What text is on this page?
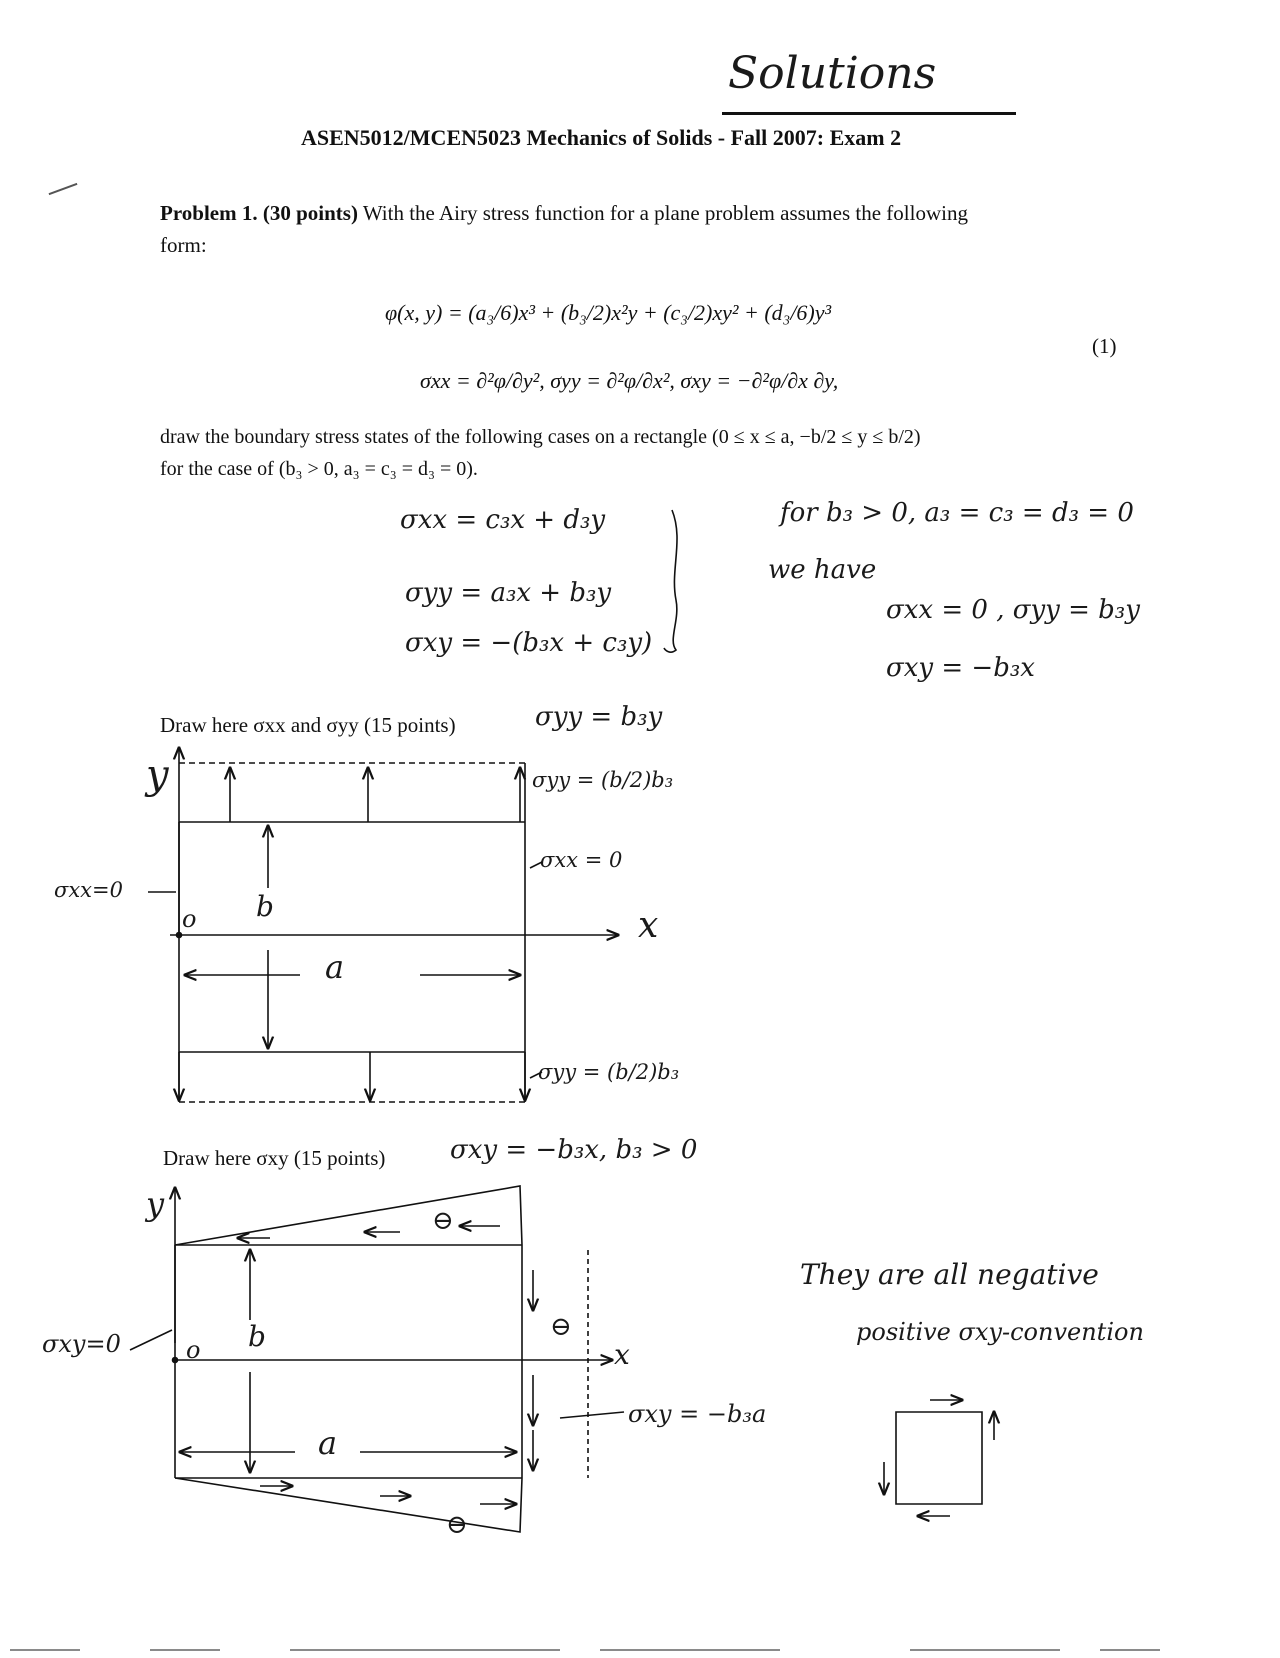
Solutions
ASEN5012/MCEN5023 Mechanics of Solids - Fall 2007: Exam 2
Problem 1. (30 points) With the Airy stress function for a plane problem assumes the following
form:
φ(x, y) = (a₃/6)x³ + (b₃/2)x²y + (c₃/2)xy² + (d₃/6)y³
σxx = ∂²φ/∂y², σyy = ∂²φ/∂x², σxy = −∂²φ/∂x ∂y,
(1)
draw the boundary stress states of the following cases on a rectangle (0 ≤ x ≤ a, −b/2 ≤ y ≤ b/2)
for the case of (b₃ > 0, a₃ = c₃ = d₃ = 0).
σxx = c₃x + d₃y
σyy = a₃x + b₃y
σxy = −(b₃x + c₃y)
for b₃ > 0, a₃ = c₃ = d₃ = 0
we have
σxx = 0 , σyy = b₃y
σxy = −b₃x
Draw here σxx and σyy (15 points)	σyy = b₃y
y	σyy = (b/2)b₃
σxx = 0
σxx=0	b
o	x
a
σyy = (b/2)b₃
Draw here σxy (15 points) σxy = −b₃x, b₃ > 0
y	⊖
⊖
⊖
b
o
σxy=0	x
σxy = −b₃a
a
They are all negative
positive σxy-convention
